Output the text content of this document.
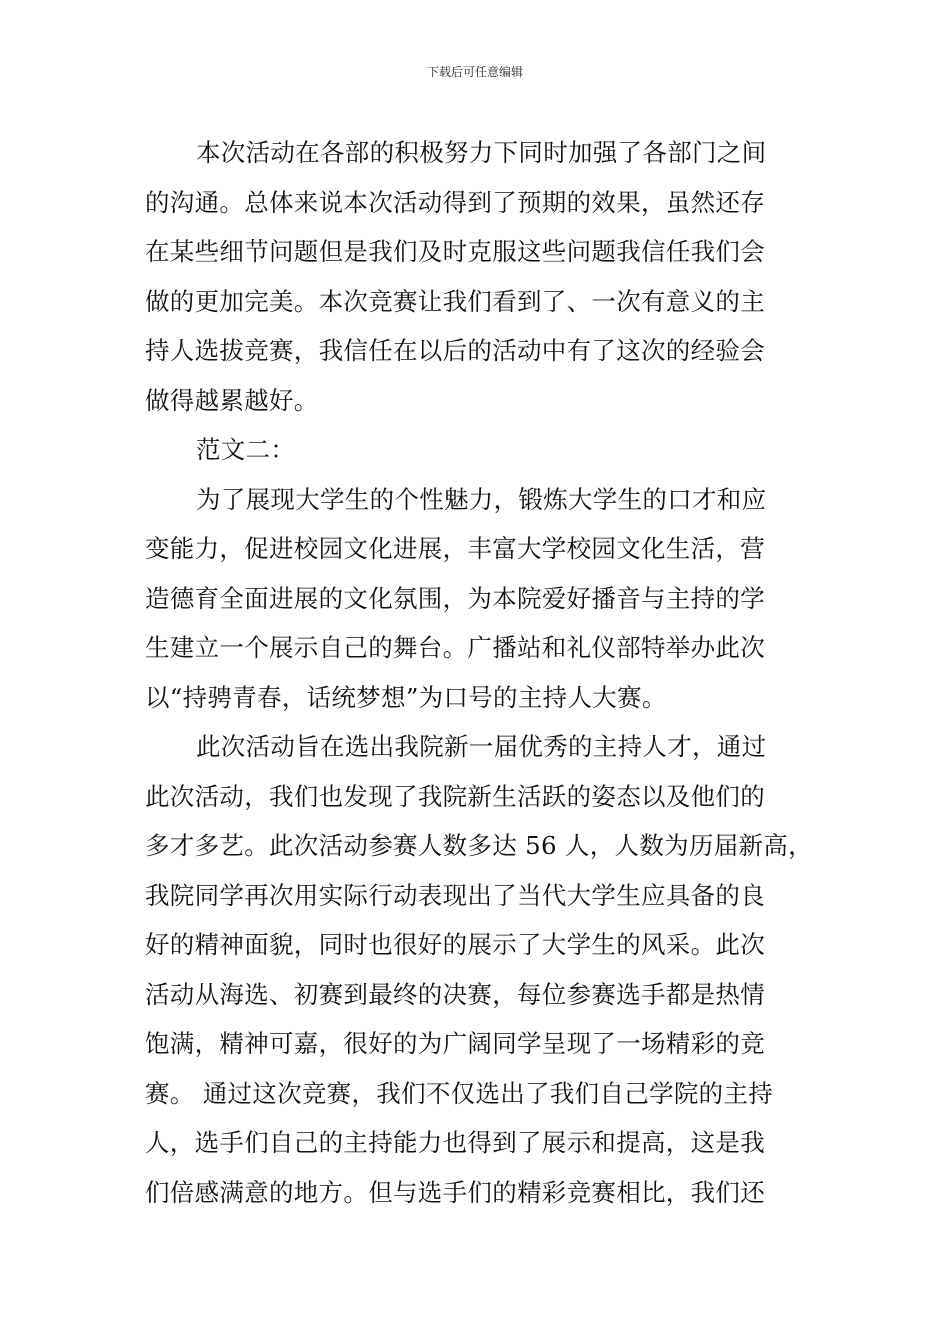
下载后可任意编辑
本次活动在各部的积极努力下同时加强了各部门之间
的沟通。总体来说本次活动得到了预期的效果，虽然还存
在某些细节问题但是我们及时克服这些问题我信任我们会
做的更加完美。本次竞赛让我们看到了、一次有意义的主
持人选拔竞赛，我信任在以后的活动中有了这次的经验会
做得越累越好。
范文二：
为了展现大学生的个性魅力，锻炼大学生的口才和应
变能力，促进校园文化进展，丰富大学校园文化生活，营
造德育全面进展的文化氛围，为本院爱好播音与主持的学
生建立一个展示自己的舞台。广播站和礼仪部特举办此次
以“持骋青春，话统梦想”为口号的主持人大赛。
此次活动旨在选出我院新一届优秀的主持人才，通过
此次活动，我们也发现了我院新生活跃的姿态以及他们的
多才多艺。此次活动参赛人数多达 56 人，人数为历届新高，
我院同学再次用实际行动表现出了当代大学生应具备的良
好的精神面貌，同时也很好的展示了大学生的风采。此次
活动从海选、初赛到最终的决赛，每位参赛选手都是热情
饱满，精神可嘉，很好的为广阔同学呈现了一场精彩的竞
赛。 通过这次竞赛，我们不仅选出了我们自己学院的主持
人，选手们自己的主持能力也得到了展示和提高，这是我
们倍感满意的地方。但与选手们的精彩竞赛相比，我们还
